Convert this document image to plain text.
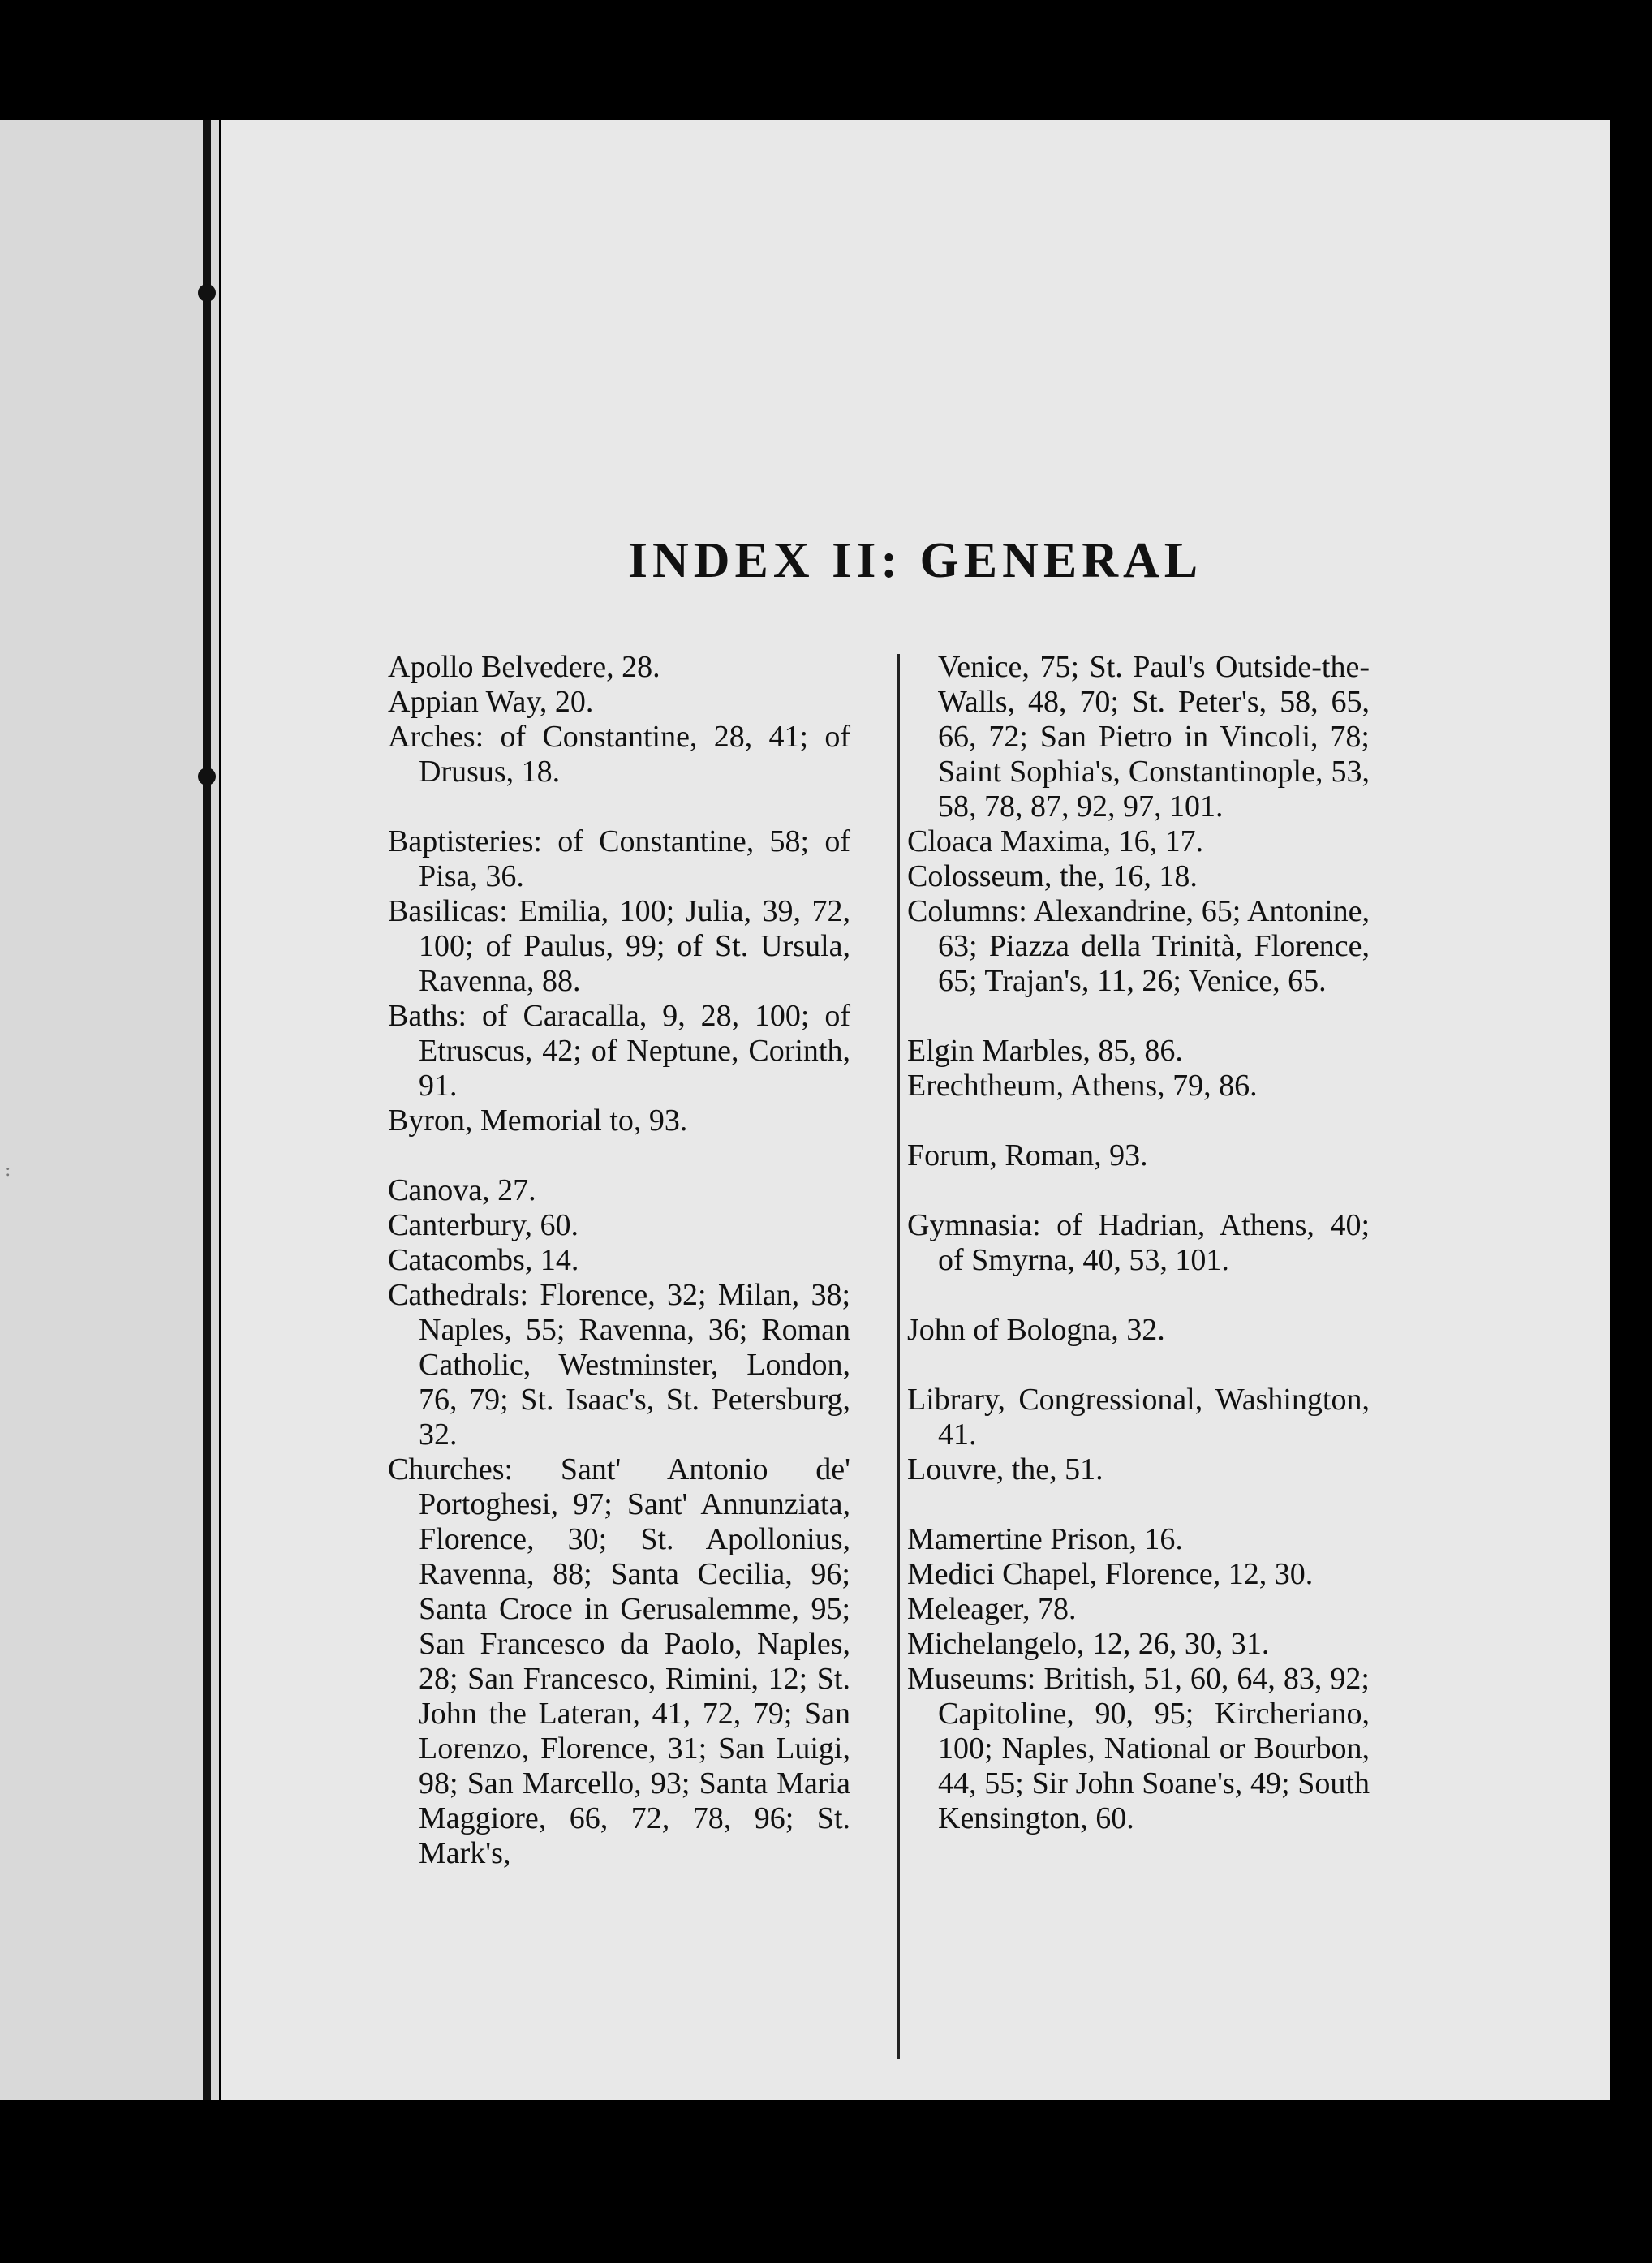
:
INDEX II: GENERAL
Apollo Belvedere, 28.
Appian Way, 20.
Arches: of Constantine, 28, 41; of Drusus, 18.
Baptisteries: of Constantine, 58; of Pisa, 36.
Basilicas: Emilia, 100; Julia, 39, 72, 100; of Paulus, 99; of St. Ursula, Ravenna, 88.
Baths: of Caracalla, 9, 28, 100; of Etruscus, 42; of Neptune, Corinth, 91.
Byron, Memorial to, 93.
Canova, 27.
Canterbury, 60.
Catacombs, 14.
Cathedrals: Florence, 32; Milan, 38; Naples, 55; Ravenna, 36; Roman Catholic, Westminster, London, 76, 79; St. Isaac's, St. Petersburg, 32.
Churches: Sant' Antonio de' Portoghesi, 97; Sant' Annunziata, Florence, 30; St. Apollonius, Ravenna, 88; Santa Cecilia, 96; Santa Croce in Gerusalemme, 95; San Francesco da Paolo, Naples, 28; San Francesco, Rimini, 12; St. John the Lateran, 41, 72, 79; San Lorenzo, Florence, 31; San Luigi, 98; San Marcello, 93; Santa Maria Maggiore, 66, 72, 78, 96; St. Mark's,
Venice, 75; St. Paul's Outside-the-Walls, 48, 70; St. Peter's, 58, 65, 66, 72; San Pietro in Vincoli, 78; Saint Sophia's, Constantinople, 53, 58, 78, 87, 92, 97, 101.
Cloaca Maxima, 16, 17.
Colosseum, the, 16, 18.
Columns: Alexandrine, 65; Antonine, 63; Piazza della Trinità, Florence, 65; Trajan's, 11, 26; Venice, 65.
Elgin Marbles, 85, 86.
Erechtheum, Athens, 79, 86.
Forum, Roman, 93.
Gymnasia: of Hadrian, Athens, 40; of Smyrna, 40, 53, 101.
John of Bologna, 32.
Library, Congressional, Washington, 41.
Louvre, the, 51.
Mamertine Prison, 16.
Medici Chapel, Florence, 12, 30.
Meleager, 78.
Michelangelo, 12, 26, 30, 31.
Museums: British, 51, 60, 64, 83, 92; Capitoline, 90, 95; Kircheriano, 100; Naples, National or Bourbon, 44, 55; Sir John Soane's, 49; South Kensington, 60.
